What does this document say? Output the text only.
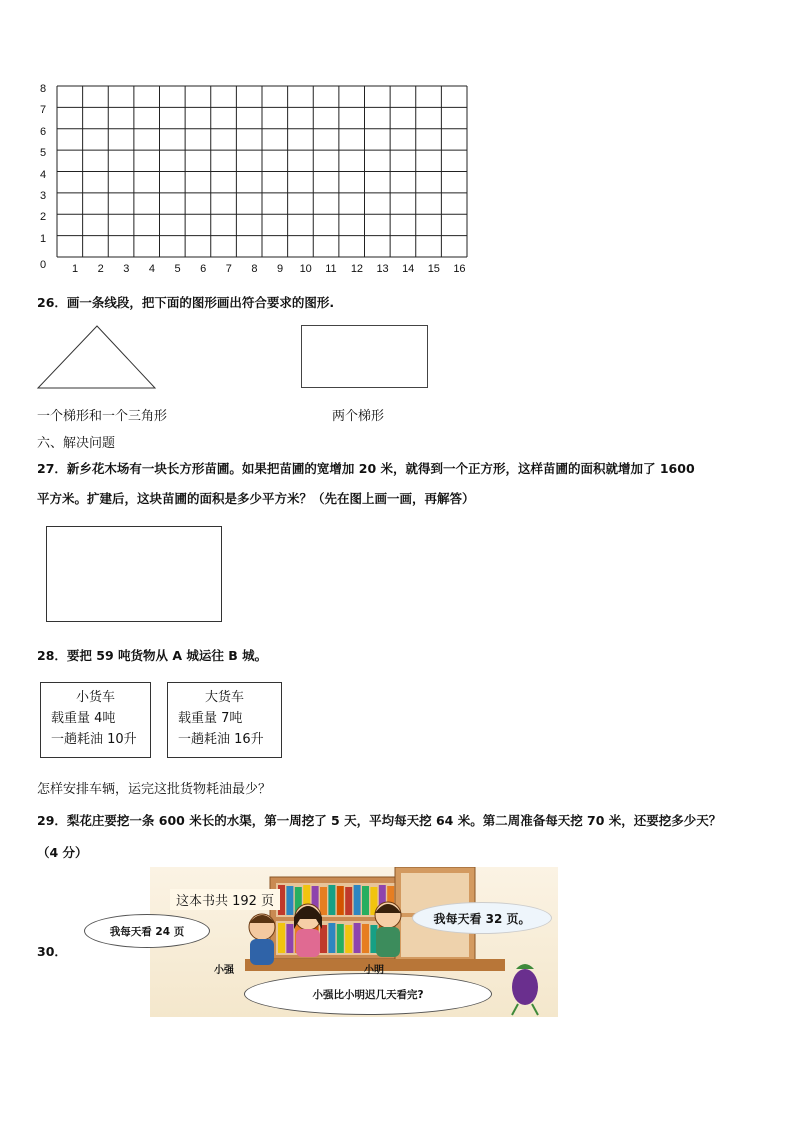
8
7
6
5
4
3
2
1
0 1 2 3 4 5 6 7 8 9 10 11 12 13 14 15 16
26．画一条线段，把下面的图形画出符合要求的图形.
一个梯形和一个三角形	两个梯形
六、解决问题
27．新乡花木场有一块长方形苗圃。如果把苗圃的宽增加 20 米，就得到一个正方形，这样苗圃的面积就增加了 1600
平方米。扩建后，这块苗圃的面积是多少平方米？（先在图上画一画，再解答）
28．要把 59 吨货物从 A 城运往 B 城。
小货车
载重量 4吨
一趟耗油 10升
大货车
载重量 7吨
一趟耗油 16升
怎样安排车辆，运完这批货物耗油最少？
29．梨花庄要挖一条 600 米长的水渠，第一周挖了 5 天，平均每天挖 64 米。第二周准备每天挖 70 米，还要挖多少天？
（4 分）
30．
这本书共 192 页
我每天看 24 页
我每天看 32 页。
小强比小明迟几天看完?
小强	小明
